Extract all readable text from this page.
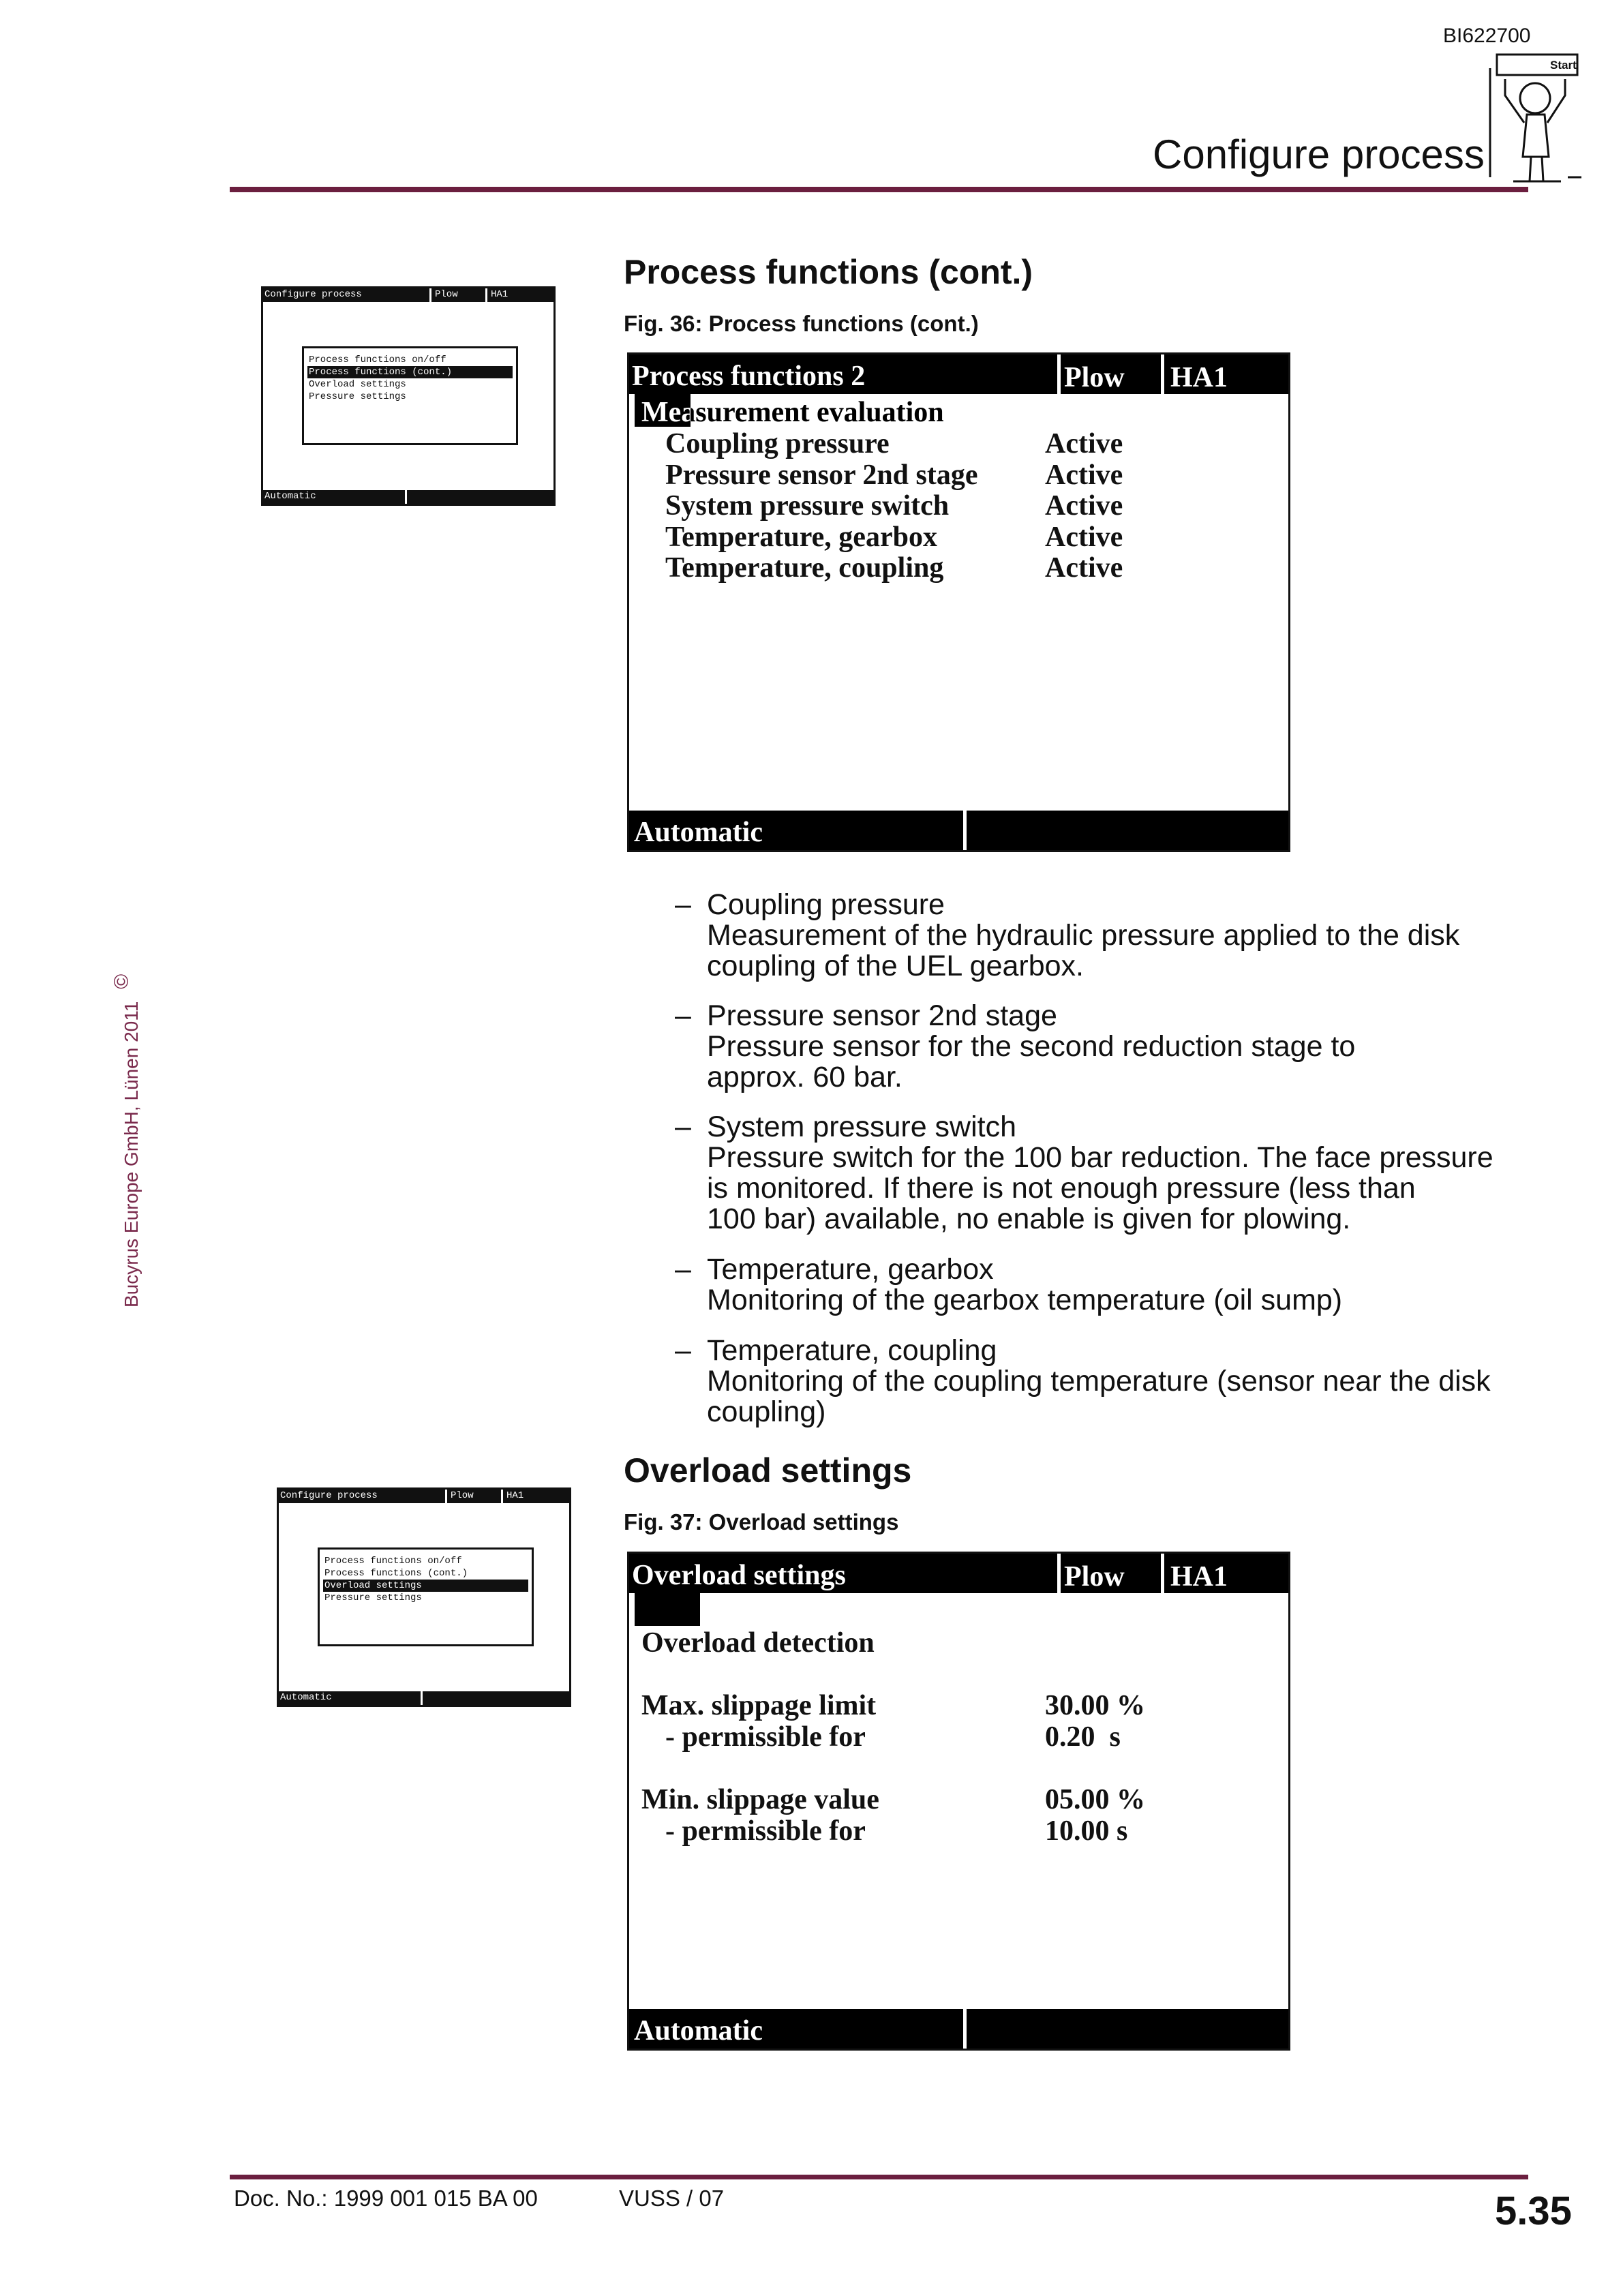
BI622700
Configure process
Start
Bucyrus Europe GmbH, Lünen 2011 ©
Configure process	Plow	HA1
Process functions on/off
Process functions (cont.)
Overload settings
Pressure settings
Automatic
Process functions (cont.)
Fig. 36: Process functions (cont.)
Process functions 2	Plow HA1
Measurement evaluation
Coupling pressure	Active
Pressure sensor 2nd stage Active
System pressure switch	Active
Temperature, gearbox	Active
Temperature, coupling	Active
Automatic
– Coupling pressure
Measurement of the hydraulic pressure applied to the disk
coupling of the UEL gearbox.
– Pressure sensor 2nd stage
Pressure sensor for the second reduction stage to
approx. 60 bar.
– System pressure switch
Pressure switch for the 100 bar reduction. The face pressure
is monitored. If there is not enough pressure (less than
100 bar) available, no enable is given for plowing.
– Temperature, gearbox
Monitoring of the gearbox temperature (oil sump)
– Temperature, coupling
Monitoring of the coupling temperature (sensor near the disk
coupling)
Configure process	Plow	HA1
Process functions on/off
Process functions (cont.)
Overload settings
Pressure settings
Automatic
Overload settings
Fig. 37: Overload settings
Overload settings	Plow HA1
Overload detection
Max. slippage limit	30.00 %
- permissible for	0.20  s
Min. slippage value	05.00 %
- permissible for	10.00 s
Automatic
Doc. No.: 1999 001 015 BA 00	VUSS / 07	5.35
